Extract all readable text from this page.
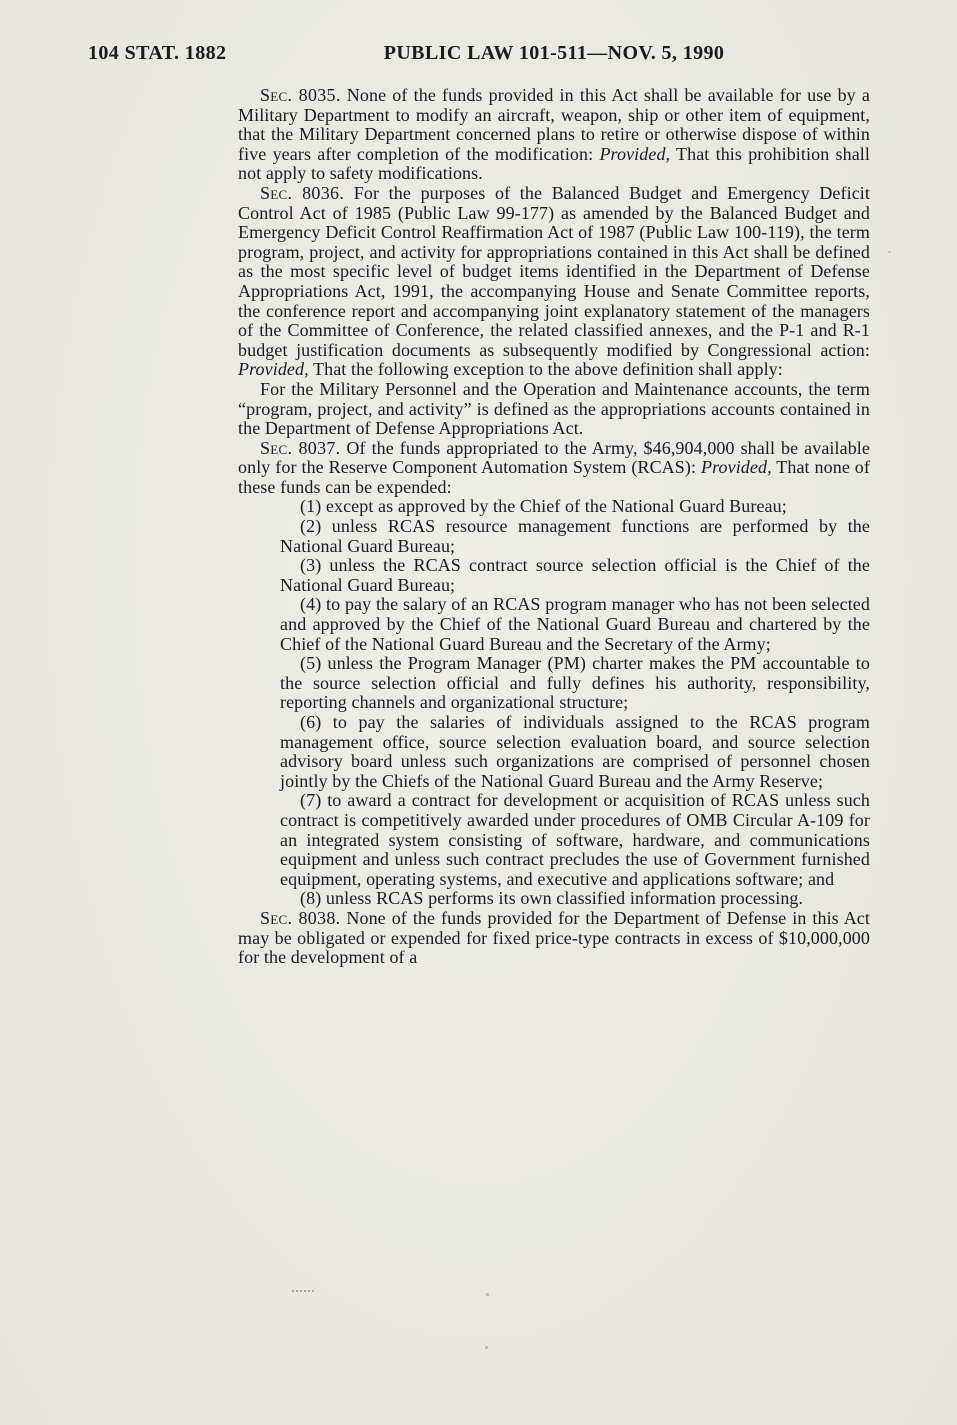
104 STAT. 1882	PUBLIC LAW 101-511—NOV. 5, 1990

Sec. 8035. None of the funds provided in this Act shall be available for use by a Military Department to modify an aircraft, weapon, ship or other item of equipment, that the Military Department concerned plans to retire or otherwise dispose of within five years after completion of the modification: Provided, That this prohibition shall not apply to safety modifications.

Sec. 8036. For the purposes of the Balanced Budget and Emergency Deficit Control Act of 1985 (Public Law 99-177) as amended by the Balanced Budget and Emergency Deficit Control Reaffirmation Act of 1987 (Public Law 100-119), the term program, project, and activity for appropriations contained in this Act shall be defined as the most specific level of budget items identified in the Department of Defense Appropriations Act, 1991, the accompanying House and Senate Committee reports, the conference report and accompanying joint explanatory statement of the managers of the Committee of Conference, the related classified annexes, and the P-1 and R-1 budget justification documents as subsequently modified by Congressional action: Provided, That the following exception to the above definition shall apply:

For the Military Personnel and the Operation and Maintenance accounts, the term “program, project, and activity” is defined as the appropriations accounts contained in the Department of Defense Appropriations Act.

Sec. 8037. Of the funds appropriated to the Army, $46,904,000 shall be available only for the Reserve Component Automation System (RCAS): Provided, That none of these funds can be expended:

(1) except as approved by the Chief of the National Guard Bureau;

(2) unless RCAS resource management functions are performed by the National Guard Bureau;

(3) unless the RCAS contract source selection official is the Chief of the National Guard Bureau;

(4) to pay the salary of an RCAS program manager who has not been selected and approved by the Chief of the National Guard Bureau and chartered by the Chief of the National Guard Bureau and the Secretary of the Army;

(5) unless the Program Manager (PM) charter makes the PM accountable to the source selection official and fully defines his authority, responsibility, reporting channels and organizational structure;

(6) to pay the salaries of individuals assigned to the RCAS program management office, source selection evaluation board, and source selection advisory board unless such organizations are comprised of personnel chosen jointly by the Chiefs of the National Guard Bureau and the Army Reserve;

(7) to award a contract for development or acquisition of RCAS unless such contract is competitively awarded under procedures of OMB Circular A-109 for an integrated system consisting of software, hardware, and communications equipment and unless such contract precludes the use of Government furnished equipment, operating systems, and executive and applications software; and

(8) unless RCAS performs its own classified information processing.

Sec. 8038. None of the funds provided for the Department of Defense in this Act may be obligated or expended for fixed price-type contracts in excess of $10,000,000 for the development of a
